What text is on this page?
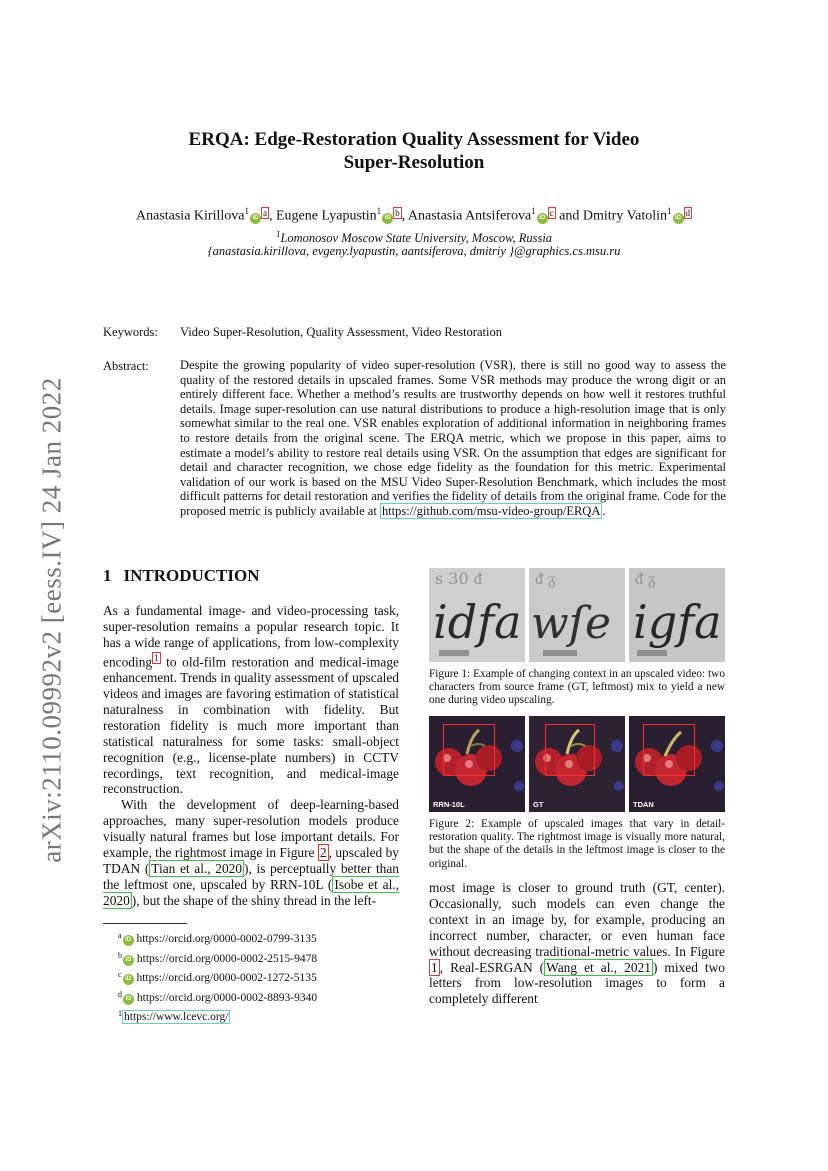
arXiv:2110.09992v2 [eess.IV] 24 Jan 2022
ERQA: Edge-Restoration Quality Assessment for Video
Super-Resolution
Anastasia Kirillova$^1$iD a , Eugene Lyapustin$^1$iD b , Anastasia Antsiferova$^1$iD c and Dmitry Vatolin$^1$iD d
$^1$Lomonosov Moscow State University, Moscow, Russia
{anastasia.kirillova, evgeny.lyapustin, aantsiferova, dmitriy }@graphics.cs.msu.ru
Keywords: Video Super-Resolution, Quality Assessment, Video Restoration
Abstract: Despite the growing popularity of video super-resolution (VSR), there is still no good way to assess the quality of the restored details in upscaled frames. Some VSR methods may produce the wrong digit or an entirely different face. Whether a method’s results are trustworthy depends on how well it restores truthful details. Image super-resolution can use natural distributions to produce a high-resolution image that is only somewhat similar to the real one. VSR enables exploration of additional information in neighboring frames to restore details from the original scene. The ERQA metric, which we propose in this paper, aims to estimate a model’s ability to restore real details using VSR. On the assumption that edges are significant for detail and character recognition, we chose edge fidelity as the foundation for this metric. Experimental validation of our work is based on the MSU Video Super-Resolution Benchmark, which includes the most difficult patterns for detail restoration and verifies the fidelity of details from the original frame. Code for the proposed metric is publicly available at https://github.com/msu-video-group/ERQA .
1 INTRODUCTION

As a fundamental image- and video-processing task, super-resolution remains a popular research topic. It has a wide range of applications, from low-complexity encoding $^1$ to old-film restoration and medical-image enhancement. Trends in quality assessment of upscaled videos and images are favoring estimation of statistical naturalness in combination with fidelity. But restoration fidelity is much more important than statistical naturalness for some tasks: small-object recognition (e.g., license-plate numbers) in CCTV recordings, text recognition, and medical-image reconstruction.

With the development of deep-learning-based approaches, many super-resolution models produce visually natural frames but lose important details. For example, the rightmost image in Figure 2 , upscaled by TDAN ( Tian et al., 2020 ), is perceptually better than the leftmost one, upscaled by RRN-10L ( Isobe et al., 2020 ), but the shape of the shiny thread in the left-

$^a$ iD https://orcid.org/0000-0002-0799-3135
$^b$ iD https://orcid.org/0000-0002-2515-9478
$^c$ iD https://orcid.org/0000-0002-1272-5135
$^d$ iD https://orcid.org/0000-0002-8893-9340
$^1$ https://www.lcevc.org/
s 30 ᵭ
idfa
ᵭ ᵹ
wſe
ᵭ ᵹ
igfa
Figure 1: Example of changing context in an upscaled video: two characters from source frame (GT, leftmost) mix to yield a new one during video upscaling.
RRN-10L	GT	TDAN
Figure 2: Example of upscaled images that vary in detail-restoration quality. The rightmost image is visually more natural, but the shape of the details in the leftmost image is closer to the original.

most image is closer to ground truth (GT, center). Occasionally, such models can even change the context in an image by, for example, producing an incorrect number, character, or even human face without decreasing traditional-metric values. In Figure 1 , Real-ESRGAN ( Wang et al., 2021 ) mixed two letters from low-resolution images to form a completely different
